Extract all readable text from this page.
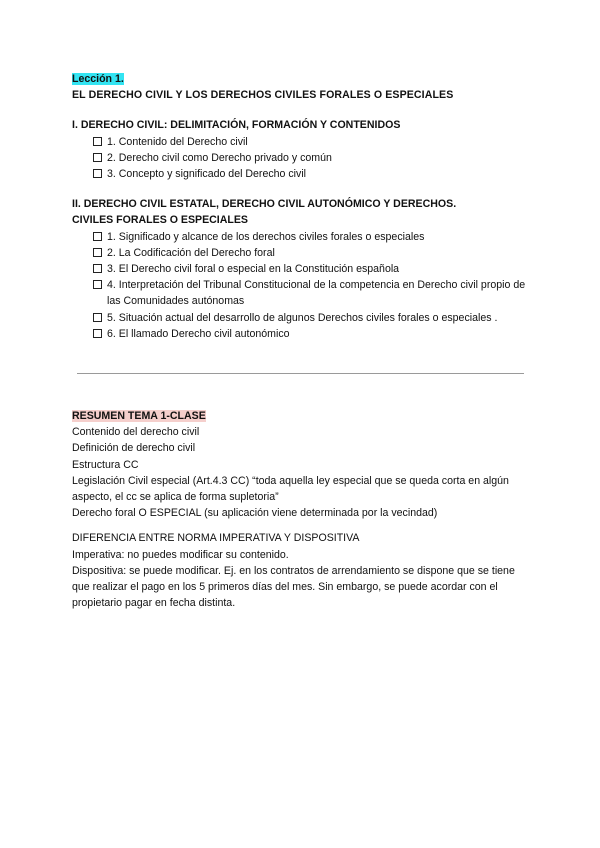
Lección 1.
EL DERECHO CIVIL Y LOS DERECHOS CIVILES FORALES O ESPECIALES
I. DERECHO CIVIL: DELIMITACIÓN, FORMACIÓN Y CONTENIDOS
1. Contenido del Derecho civil
2. Derecho civil como Derecho privado y común
3. Concepto y significado del Derecho civil
II. DERECHO CIVIL ESTATAL, DERECHO CIVIL AUTONÓMICO Y DERECHOS.
CIVILES FORALES O ESPECIALES
1. Significado y alcance de los derechos civiles forales o especiales
2. La Codificación del Derecho foral
3. El Derecho civil foral o especial en la Constitución española
4. Interpretación del Tribunal Constitucional de la competencia en Derecho civil propio de las Comunidades autónomas
5. Situación actual del desarrollo de algunos Derechos civiles forales o especiales .
6. El llamado Derecho civil autonómico
RESUMEN TEMA 1-CLASE
Contenido del derecho civil
Definición de derecho civil
Estructura CC
Legislación Civil especial (Art.4.3 CC) “toda aquella ley especial que se queda corta en algún aspecto, el cc se aplica de forma supletoria”
Derecho foral O ESPECIAL (su aplicación viene determinada por la vecindad)
DIFERENCIA ENTRE NORMA IMPERATIVA Y DISPOSITIVA
Imperativa: no puedes modificar su contenido.
Dispositiva: se puede modificar. Ej. en los contratos de arrendamiento se dispone que se tiene que realizar el pago en los 5 primeros días del mes. Sin embargo, se puede acordar con el propietario pagar en fecha distinta.
